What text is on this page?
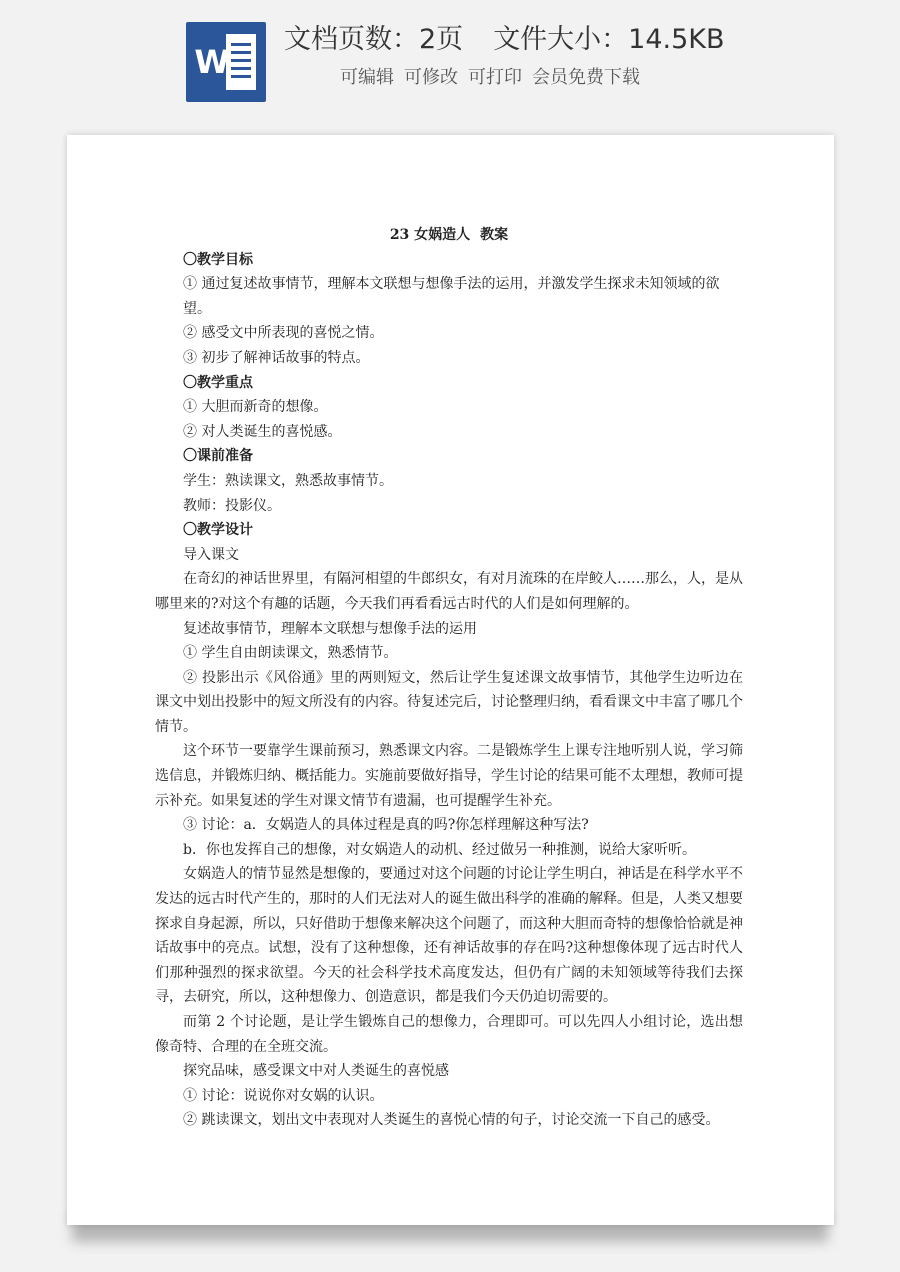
W
文档页数：2页 文件大小：14.5KB
可编辑 可修改 可打印 会员免费下载

23 女娲造人 教案

〇教学目标

① 通过复述故事情节，理解本文联想与想像手法的运用，并激发学生探求未知领域的欲望。

② 感受文中所表现的喜悦之情。

③ 初步了解神话故事的特点。

〇教学重点

① 大胆而新奇的想像。

② 对人类诞生的喜悦感。

〇课前准备

学生：熟读课文，熟悉故事情节。

教师：投影仪。

〇教学设计

导入课文

在奇幻的神话世界里，有隔河相望的牛郎织女，有对月流珠的在岸鲛人……那么，人，是从哪里来的?对这个有趣的话题，今天我们再看看远古时代的人们是如何理解的。

复述故事情节，理解本文联想与想像手法的运用

① 学生自由朗读课文，熟悉情节。

② 投影出示《风俗通》里的两则短文，然后让学生复述课文故事情节，其他学生边听边在课文中划出投影中的短文所没有的内容。待复述完后，讨论整理归纳，看看课文中丰富了哪几个情节。

这个环节一要靠学生课前预习，熟悉课文内容。二是锻炼学生上课专注地听别人说，学习筛选信息，并锻炼归纳、概括能力。实施前要做好指导，学生讨论的结果可能不太理想，教师可提示补充。如果复述的学生对课文情节有遗漏，也可提醒学生补充。

③ 讨论：a．女娲造人的具体过程是真的吗?你怎样理解这种写法?

b．你也发挥自己的想像，对女娲造人的动机、经过做另一种推测，说给大家听听。

女娲造人的情节显然是想像的，要通过对这个问题的讨论让学生明白，神话是在科学水平不发达的远古时代产生的，那时的人们无法对人的诞生做出科学的准确的解释。但是，人类又想要探求自身起源，所以，只好借助于想像来解决这个问题了，而这种大胆而奇特的想像恰恰就是神话故事中的亮点。试想，没有了这种想像，还有神话故事的存在吗?这种想像体现了远古时代人们那种强烈的探求欲望。今天的社会科学技术高度发达，但仍有广阔的未知领域等待我们去探寻，去研究，所以，这种想像力、创造意识，都是我们今天仍迫切需要的。

而第 2 个讨论题，是让学生锻炼自己的想像力，合理即可。可以先四人小组讨论，选出想像奇特、合理的在全班交流。

探究品味，感受课文中对人类诞生的喜悦感

① 讨论：说说你对女娲的认识。

② 跳读课文，划出文中表现对人类诞生的喜悦心情的句子，讨论交流一下自己的感受。
